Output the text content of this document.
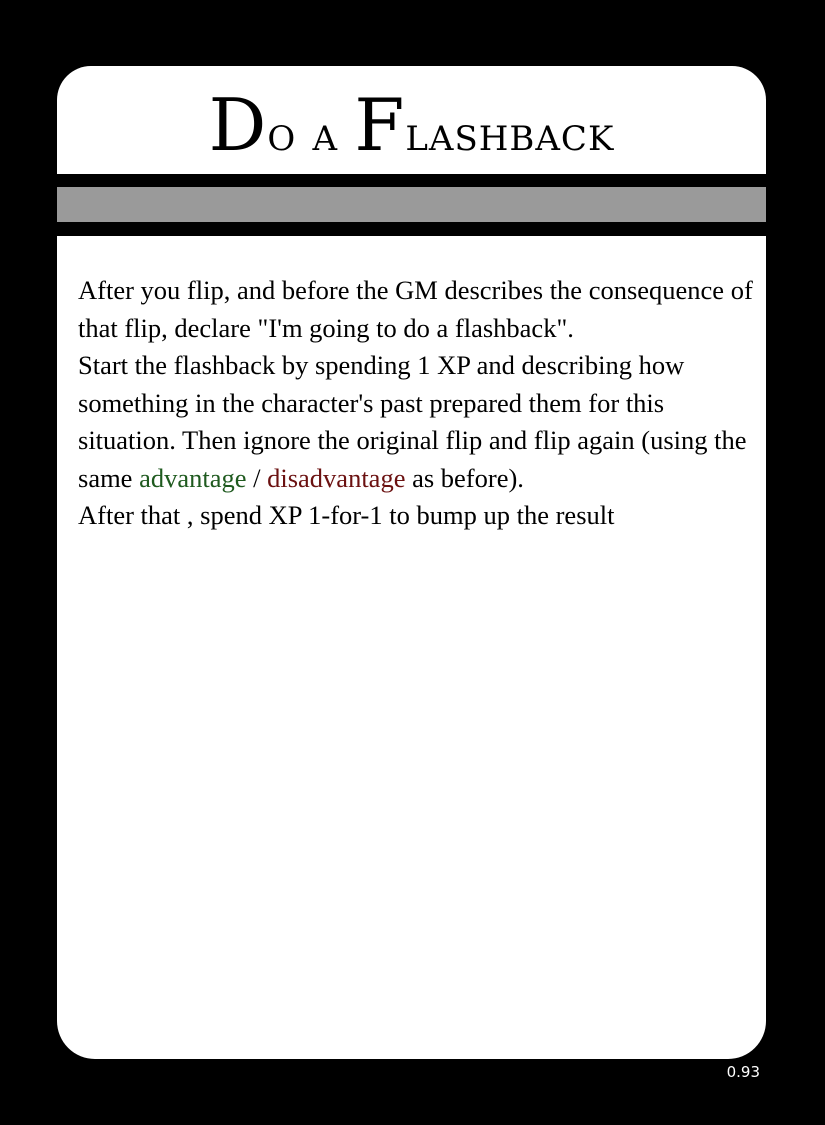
Do a Flashback

After you flip, and before the GM describes the consequence of that flip, declare "I'm going to do a flashback".

Start the flashback by spending 1 XP and describing how something in the character's past prepared them for this situation. Then ignore the original flip and flip again (using the same advantage / disadvantage as before).

After that , spend XP 1-for-1 to bump up the result

0.93
